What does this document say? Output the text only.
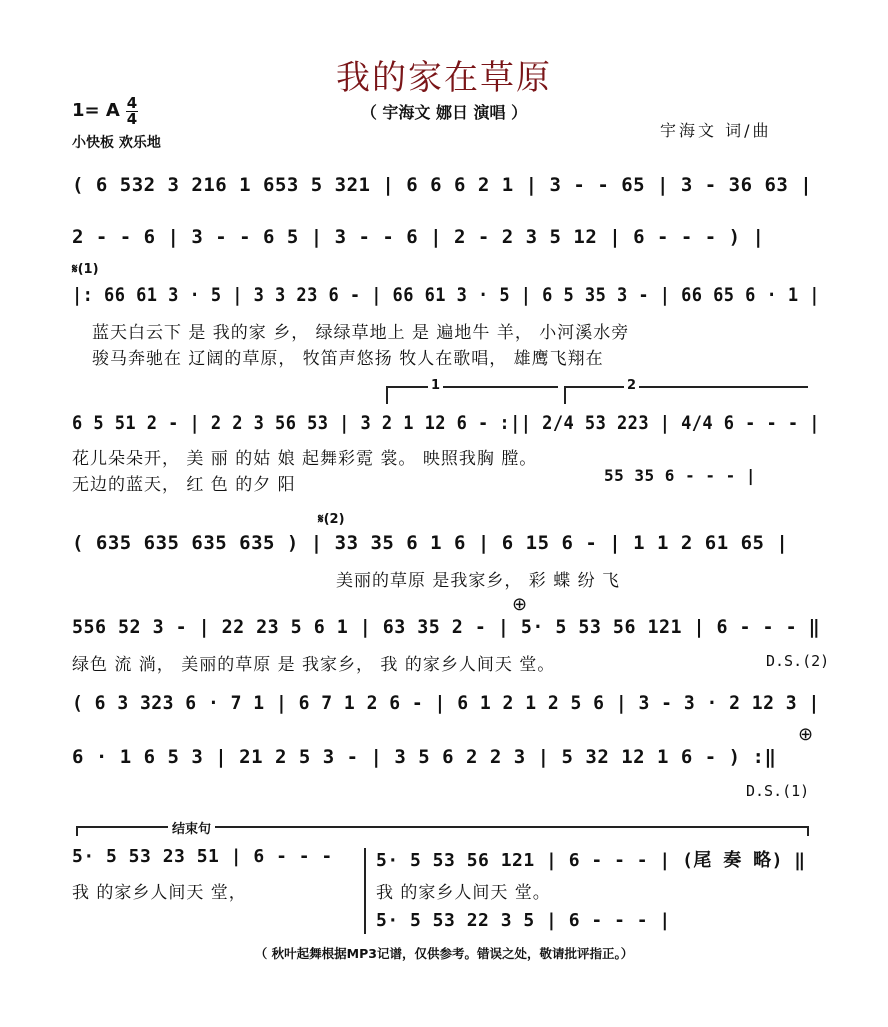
我的家在草原
（ 宇海文 娜日 演唱 ）
1= A 4
4
小快板 欢乐地
宇海文 词/曲
( 6 532 3 216 1 653 5 321 | 6 6 6 2 1 | 3 - - 65 | 3 - 36 63 |
2 - - 6 | 3 - - 6 5 | 3 - - 6 | 2 - 2 3 5 12 | 6 - - - ) |
𝄋(1)
|: 66 61 3 · 5 | 3 3 23 6 - | 66 61 3 · 5 | 6 5 35 3 - | 66 65 6 · 1 |
蓝天白云下 是 我的家 乡， 绿绿草地上 是 遍地牛 羊， 小河溪水旁
骏马奔驰在 辽阔的草原， 牧笛声悠扬 牧人在歌唱， 雄鹰飞翔在
1	2
6 5 51 2 - | 2 2 3 56 53 | 3 2 1 12 6 - :|| 2/4 53 223 | 4/4 6 - - - |
花儿朵朵开， 美 丽 的姑 娘 起舞彩霓 裳。 映照我胸 膛。
无边的蓝天， 红 色 的夕 阳	55 35 6 - - - |
𝄋(2)
( 635 635 635 635 ) | 33 35 6 1 6 | 6 15 6 - | 1 1 2 61 65 |
美丽的草原 是我家乡， 彩 蝶 纷 飞
⊕
556 52 3 - | 22 23 5 6 1 | 63 35 2 - | 5· 5 53 56 121 | 6 - - - ‖
绿色 流 淌， 美丽的草原 是 我家乡， 我 的家乡人间天 堂。	D.S.(2)
( 6 3 323 6 · 7 1 | 6 7 1 2 6 - | 6 1 2 1 2 5 6 | 3 - 3 · 2 12 3 |
⊕
6 · 1 6 5 3 | 21 2 5 3 - | 3 5 6 2 2 3 | 5 32 12 1 6 - ) :‖
D.S.(1)
结束句
5· 5 53 23 51 | 6 - - - 5· 5 53 56 121 | 6 - - - | (尾 奏 略) ‖
我 的家乡人间天 堂，	我 的家乡人间天 堂。
5· 5 53 22 3 5 | 6 - - - |
（ 秋叶起舞根据MP3记谱，仅供参考。错误之处，敬请批评指正。）
